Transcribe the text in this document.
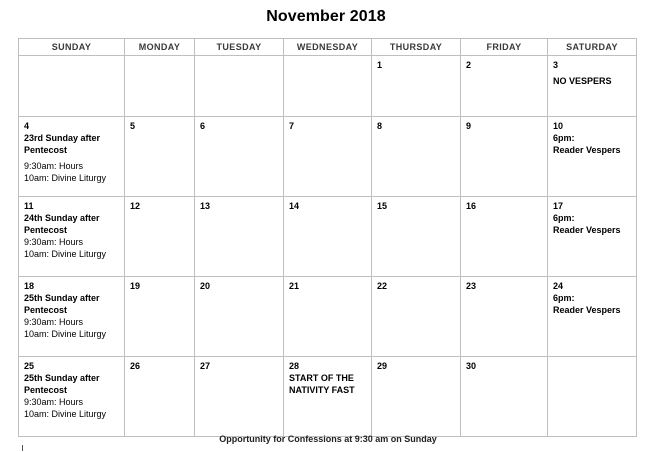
November 2018
SUNDAY	MONDAY	TUESDAY	WEDNESDAY	THURSDAY	FRIDAY	SATURDAY

				1	2	3
NO VESPERS

4
23rd Sunday after Pentecost
9:30am: Hours
10am: Divine Liturgy	5	6	7	8	9	10
6pm:
Reader Vespers

11
24th Sunday after Pentecost
9:30am: Hours
10am: Divine Liturgy	12	13	14	15	16	17
6pm:
Reader Vespers

18
25th Sunday after Pentecost
9:30am: Hours
10am: Divine Liturgy	19	20	21	22	23	24
6pm:
Reader Vespers

25
25th Sunday after Pentecost
9:30am: Hours
10am: Divine Liturgy	26	27	28
START OF THE NATIVITY FAST	29	30	

Opportunity for Confessions at 9:30 am on Sunday
